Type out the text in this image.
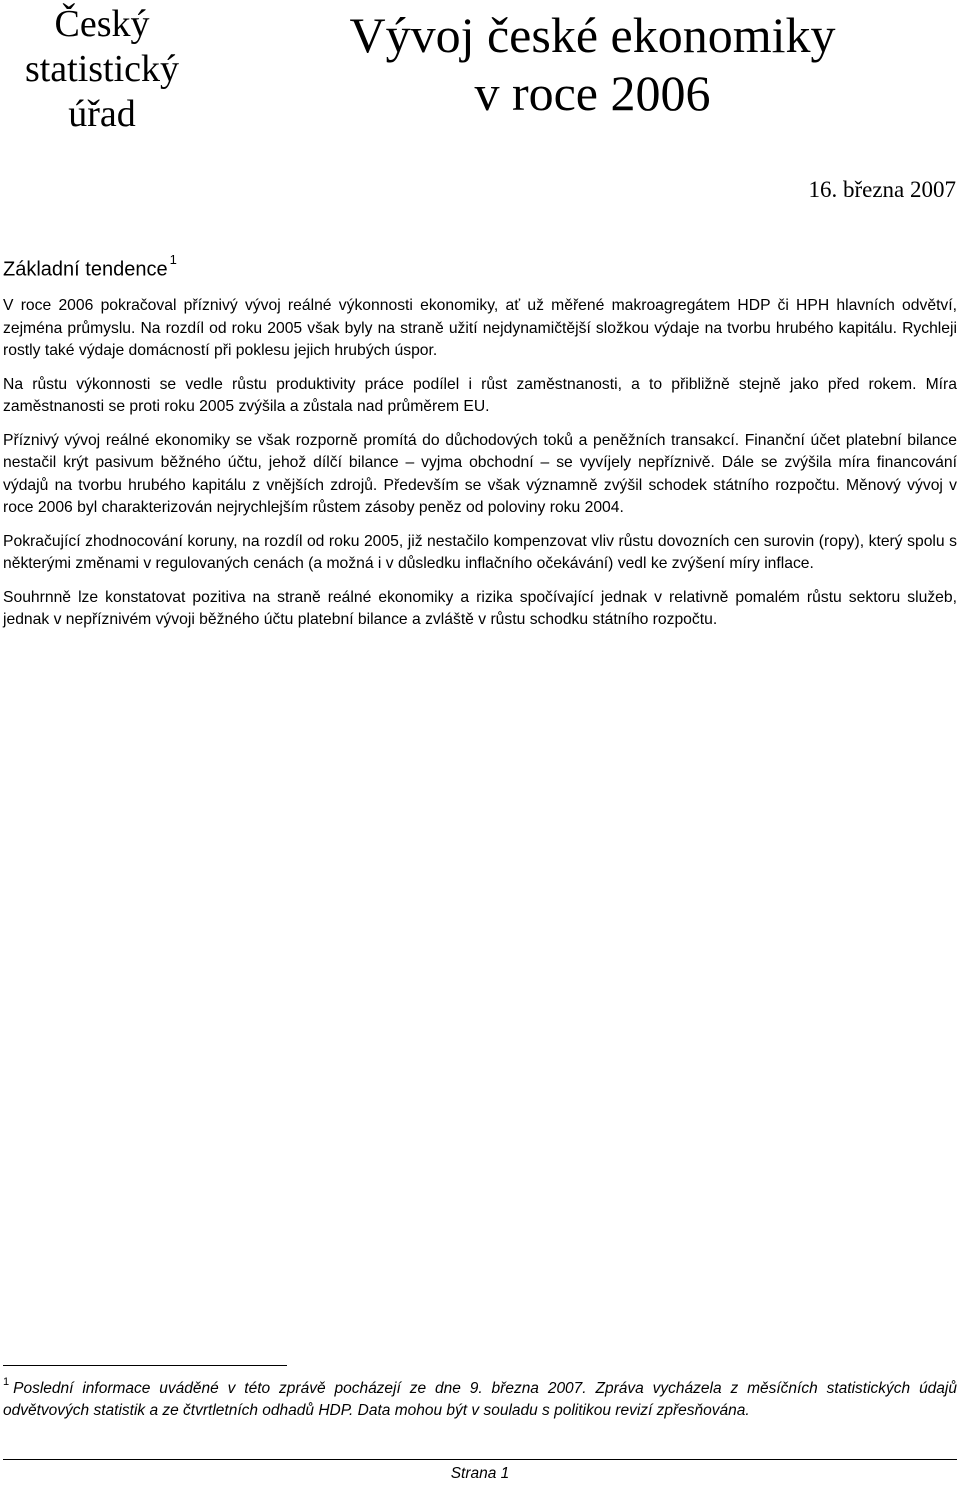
Český
statistický
úřad
Vývoj české ekonomiky
v roce 2006
16. března 2007
Základní tendence $^1$

V roce 2006 pokračoval příznivý vývoj reálné výkonnosti ekonomiky, ať už měřené makroagregátem HDP či HPH hlavních odvětví, zejména průmyslu. Na rozdíl od roku 2005 však byly na straně užití nejdynamičtější složkou výdaje na tvorbu hrubého kapitálu. Rychleji rostly také výdaje domácností při poklesu jejich hrubých úspor.

Na růstu výkonnosti se vedle růstu produktivity práce podílel i růst zaměstnanosti, a to přibližně stejně jako před rokem. Míra zaměstnanosti se proti roku 2005 zvýšila a zůstala nad průměrem EU.

Příznivý vývoj reálné ekonomiky se však rozporně promítá do důchodových toků a peněžních transakcí. Finanční účet platební bilance nestačil krýt pasivum běžného účtu, jehož dílčí bilance – vyjma obchodní – se vyvíjely nepříznivě. Dále se zvýšila míra financování výdajů na tvorbu hrubého kapitálu z vnějších zdrojů. Především se však významně zvýšil schodek státního rozpočtu. Měnový vývoj v roce 2006 byl charakterizován nejrychlejším růstem zásoby peněz od poloviny roku 2004.

Pokračující zhodnocování koruny, na rozdíl od roku 2005, již nestačilo kompenzovat vliv růstu dovozních cen surovin (ropy), který spolu s některými změnami v regulovaných cenách (a možná i v důsledku inflačního očekávání) vedl ke zvýšení míry inflace.

Souhrnně lze konstatovat pozitiva na straně reálné ekonomiky a rizika spočívající jednak v relativně pomalém růstu sektoru služeb, jednak v nepříznivém vývoji běžného účtu platební bilance a zvláště v růstu schodku státního rozpočtu.

$^1$ Poslední informace uváděné v této zprávě pocházejí ze dne 9. března 2007. Zpráva vycházela z měsíčních statistických údajů odvětvových statistik a ze čtvrtletních odhadů HDP. Data mohou být v souladu s politikou revizí zpřesňována.
Strana 1
